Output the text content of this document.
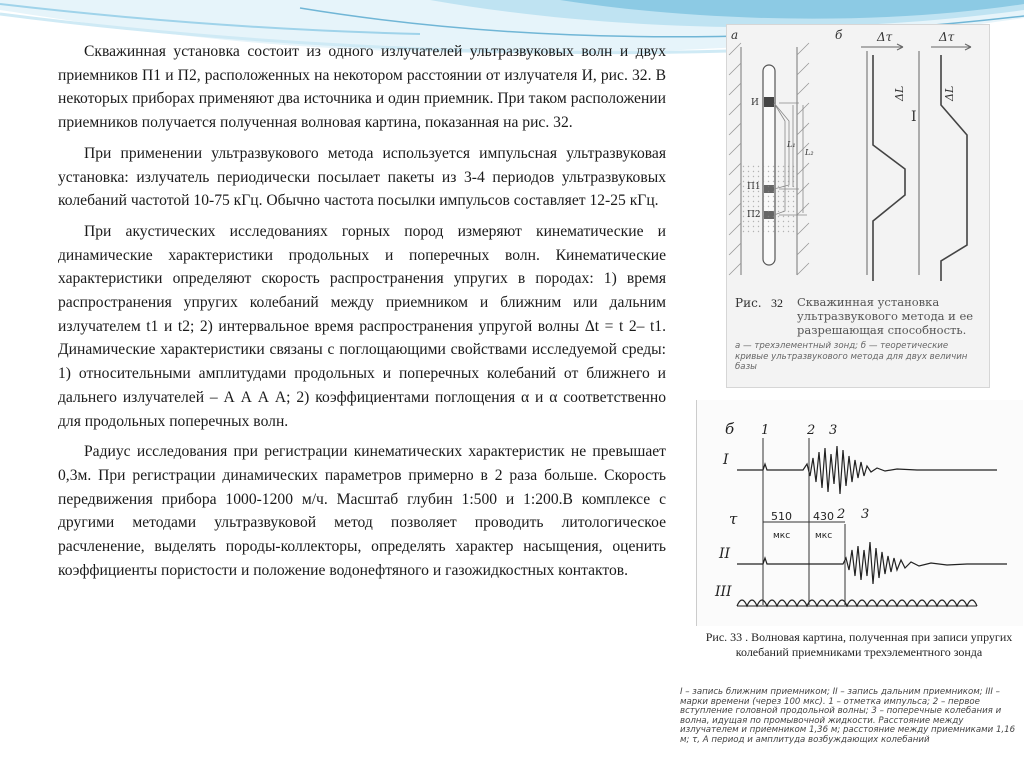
Скважинная установка состоит из одного излучателей ультразвуковых волн и двух приемников П1 и П2, расположенных на некотором расстоянии от излучателя И, рис. 32. В некоторых приборах применяют два источника и один приемник. При таком расположении приемников получается полученная волновая картина, показанная на рис. 32.

При применении ультразвукового метода используется импульсная ультразвуковая установка: излучатель периодически посылает пакеты из 3-4 периодов ультразвуковых колебаний частотой 10-75 кГц. Обычно частота посылки импульсов составляет 12-25 кГц.

При акустических исследованиях горных пород измеряют кинематические и динамические характеристики продольных и поперечных волн. Кинематические характеристики определяют скорость распространения упругих в породах: 1) время распространения упругих колебаний между приемником и ближним или дальним излучателем t1 и t2; 2) интервальное время распространения упругой волны Δt = t 2– t1. Динамические характеристики связаны с поглощающими свойствами исследуемой среды: 1) относительными амплитудами продольных и поперечных колебаний от ближнего и дальнего излучателей – А А А А; 2) коэффициентами поглощения α и α соответственно для продольных поперечных волн.

Радиус исследования при регистрации кинематических характеристик не превышает 0,3м. При регистрации динамических параметров примерно в 2 раза больше. Скорость передвижения прибора 1000-1200 м/ч. Масштаб глубин 1:500 и 1:200.В комплексе с другими методами ультразвуковой метод позволяет проводить литологическое расчленение, выделять породы-коллекторы, определять характер насыщения, оценить коэффициенты пористости и положение водонефтяного и газожидкостных контактов.

а
И
П1
П2
L₁
L₂
б	Δτ	Δτ
ΔL
I
ΔL
Рис. 32 Скважинная установка ультразвукового метода и ее разрешающая способность.
а — трехэлементный зонд; б — теоретические кривые ультразвукового метода для двух величин базы
б 1	2 3
I
τ	2 3
II
III
510 430
мкс	мкс
Рис. 33 . Волновая картина, полученная при записи упругих колебаний приемниками трехэлементного зонда
I – запись ближним приемником; II – запись дальним приемником; III – марки времени (через 100 мкс). 1 – отметка импульса; 2 – первое вступление головной продольной волны; 3 – поперечные колебания и волна, идущая по промывочной жидкости. Расстояние между излучателем и приемником 1,36 м; расстояние между приемниками 1,16 м; τ, А период и амплитуда возбуждающих колебаний
